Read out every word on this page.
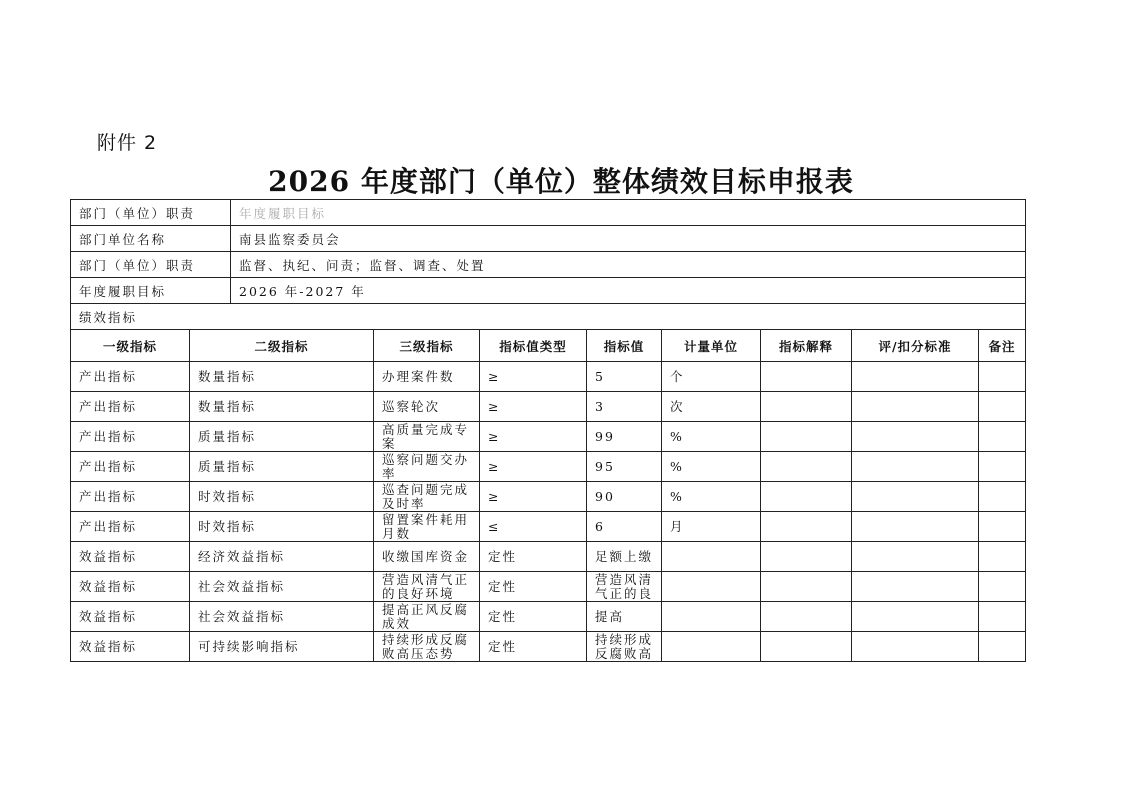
附件 2
2026 年度部门（单位）整体绩效目标申报表
部门（单位）职责	年度履职目标
部门单位名称	南县监察委员会
部门（单位）职责	监督、执纪、问责；监督、调查、处置
年度履职目标	2026 年-2027 年
绩效指标	
一级指标	二级指标	三级指标	指标值类型	指标值	计量单位	指标解释	评/扣分标准	备注

产出指标	数量指标	办理案件数	≥	5	个			

产出指标	数量指标	巡察轮次	≥	3	次			

产出指标	质量指标	高质量完成专案	≥	99	%			

产出指标	质量指标	巡察问题交办率	≥	95	%			

产出指标	时效指标	巡查问题完成及时率	≥	90	%			

产出指标	时效指标	留置案件耗用月数	≤	6	月			

效益指标	经济效益指标	收缴国库资金	定性	足额上缴				

效益指标	社会效益指标	营造风清气正的良好环境	定性	营造风清气正的良				

效益指标	社会效益指标	提高正风反腐成效	定性	提高				

效益指标	可持续影响指标	持续形成反腐败高压态势	定性	持续形成反腐败高				
